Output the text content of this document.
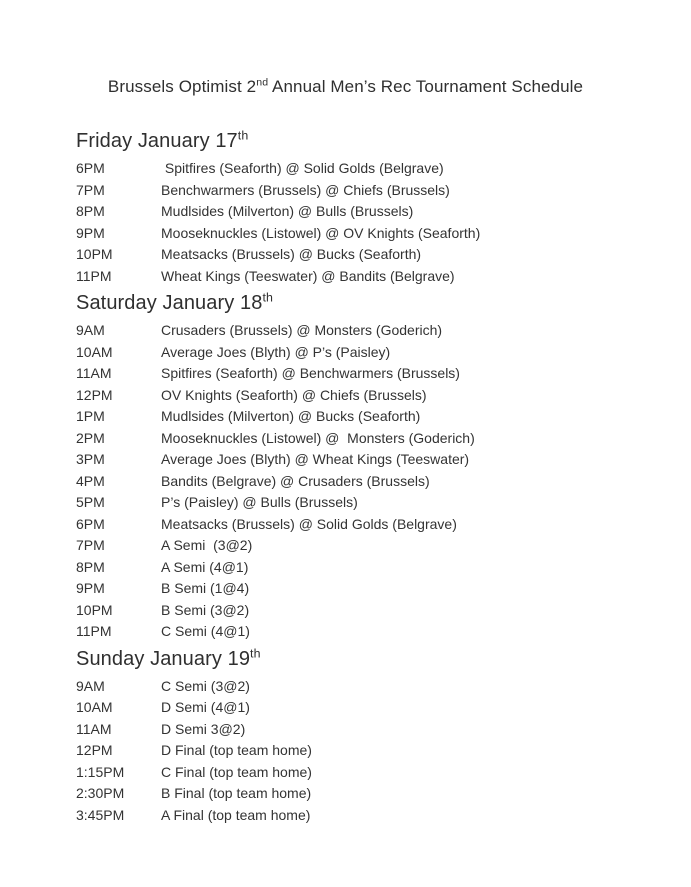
Brussels Optimist 2nd Annual Men’s Rec Tournament Schedule
Friday January 17th
6PM	Spitfires (Seaforth) @ Solid Golds (Belgrave)
7PM	Benchwarmers (Brussels) @ Chiefs (Brussels)
8PM	Mudlsides (Milverton) @ Bulls (Brussels)
9PM	Mooseknuckles (Listowel) @ OV Knights (Seaforth)
10PM	Meatsacks (Brussels) @ Bucks (Seaforth)
11PM	Wheat Kings (Teeswater) @ Bandits (Belgrave)
Saturday January 18th
9AM	Crusaders (Brussels) @ Monsters (Goderich)
10AM	Average Joes (Blyth) @ P’s (Paisley)
11AM	Spitfires (Seaforth) @ Benchwarmers (Brussels)
12PM	OV Knights (Seaforth) @ Chiefs (Brussels)
1PM	Mudlsides (Milverton) @ Bucks (Seaforth)
2PM	Mooseknuckles (Listowel) @  Monsters (Goderich)
3PM	Average Joes (Blyth) @ Wheat Kings (Teeswater)
4PM	Bandits (Belgrave) @ Crusaders (Brussels)
5PM	P’s (Paisley) @ Bulls (Brussels)
6PM	Meatsacks (Brussels) @ Solid Golds (Belgrave)
7PM	A Semi  (3@2)
8PM	A Semi (4@1)
9PM	B Semi (1@4)
10PM	B Semi (3@2)
11PM	C Semi (4@1)
Sunday January 19th
9AM	C Semi (3@2)
10AM	D Semi (4@1)
11AM	D Semi 3@2)
12PM	D Final (top team home)
1:15PM	C Final (top team home)
2:30PM	B Final (top team home)
3:45PM	A Final (top team home)
